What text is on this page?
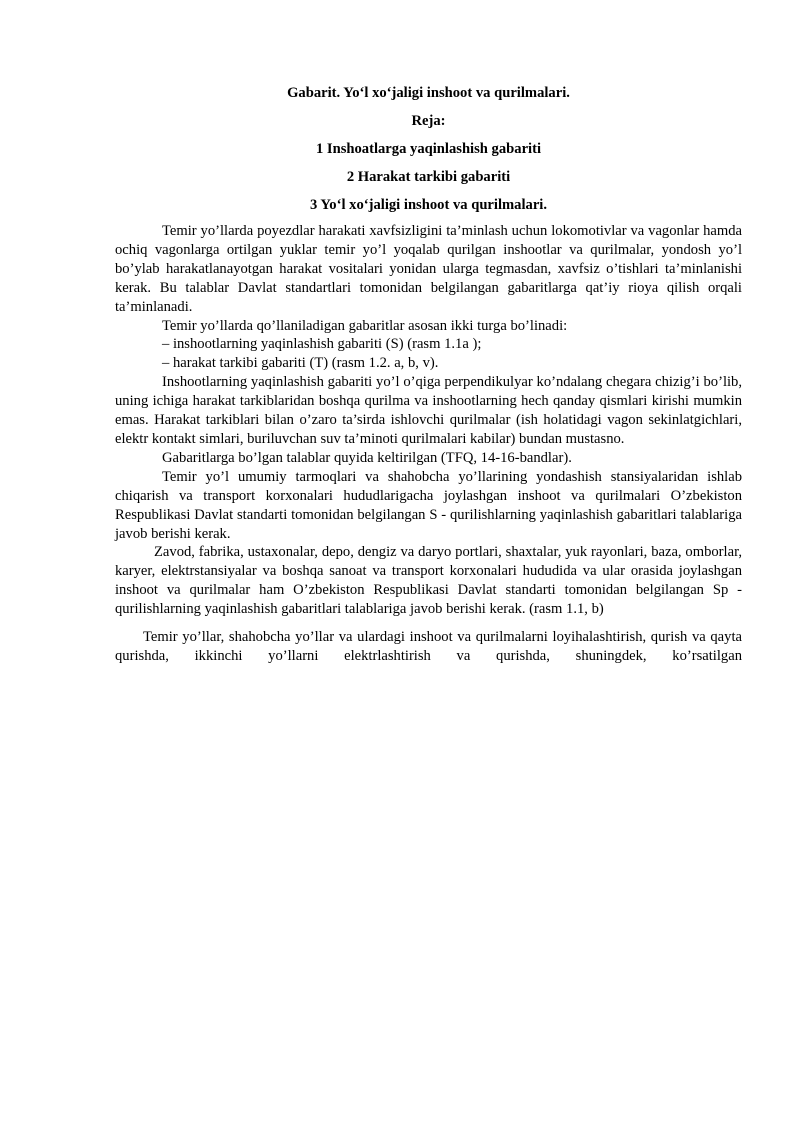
Gabarit. Yo‘l xo‘jaligi inshoot va qurilmalari.

Reja:

1 Inshoatlarga yaqinlashish gabariti

2 Harakat tarkibi gabariti

3 Yo‘l xo‘jaligi inshoot va qurilmalari.

Temir yo’llarda poyezdlar harakati xavfsizligini ta’minlash uchun lokomotivlar va vagonlar hamda ochiq vagonlarga ortilgan yuklar temir yo’l yoqalab qurilgan inshootlar va qurilmalar, yondosh yo’l bo’ylab harakatlanayotgan harakat vositalari yonidan ularga tegmasdan, xavfsiz o’tishlari ta’minlanishi kerak. Bu talablar Davlat standartlari tomonidan belgilangan gabaritlarga qat’iy rioya qilish orqali ta’minlanadi.

Temir yo’llarda qo’llaniladigan gabaritlar asosan ikki turga bo’linadi:

– inshootlarning yaqinlashish gabariti (S) (rasm 1.1a );

– harakat tarkibi gabariti (T) (rasm 1.2. a, b, v).

Inshootlarning yaqinlashish gabariti yo’l o’qiga perpendikulyar ko’ndalang chegara chizig’i bo’lib, uning ichiga harakat tarkiblaridan boshqa qurilma va inshootlarning hech qanday qismlari kirishi mumkin emas. Harakat tarkiblari bilan o’zaro ta’sirda ishlovchi qurilmalar (ish holatidagi vagon sekinlatgichlari, elektr kontakt simlari, buriluvchan suv ta’minoti qurilmalari kabilar) bundan mustasno.

Gabaritlarga bo’lgan talablar quyida keltirilgan (TFQ, 14-16-bandlar).

Temir yo’l umumiy tarmoqlari va shahobcha yo’llarining yondashish stansiyalaridan ishlab chiqarish va transport korxonalari hududlarigacha joylashgan inshoot va qurilmalari O’zbekiston Respublikasi Davlat standarti tomonidan belgilangan S - qurilishlarning yaqinlashish gabaritlari talablariga javob berishi kerak.

Zavod, fabrika, ustaxonalar, depo, dengiz va daryo portlari, shaxtalar, yuk rayonlari, baza, omborlar, karyer, elektrstansiyalar va boshqa sanoat va transport korxonalari hududida va ular orasida joylashgan inshoot va qurilmalar ham O’zbekiston Respublikasi Davlat standarti tomonidan belgilangan Sp - qurilishlarning yaqinlashish gabaritlari talablariga javob berishi kerak. (rasm 1.1, b)

Temir yo’llar, shahobcha yo’llar va ulardagi inshoot va qurilmalarni loyihalashtirish, qurish va qayta qurishda, ikkinchi yo’llarni elektrlashtirish va qurishda, shuningdek, ko’rsatilgan
